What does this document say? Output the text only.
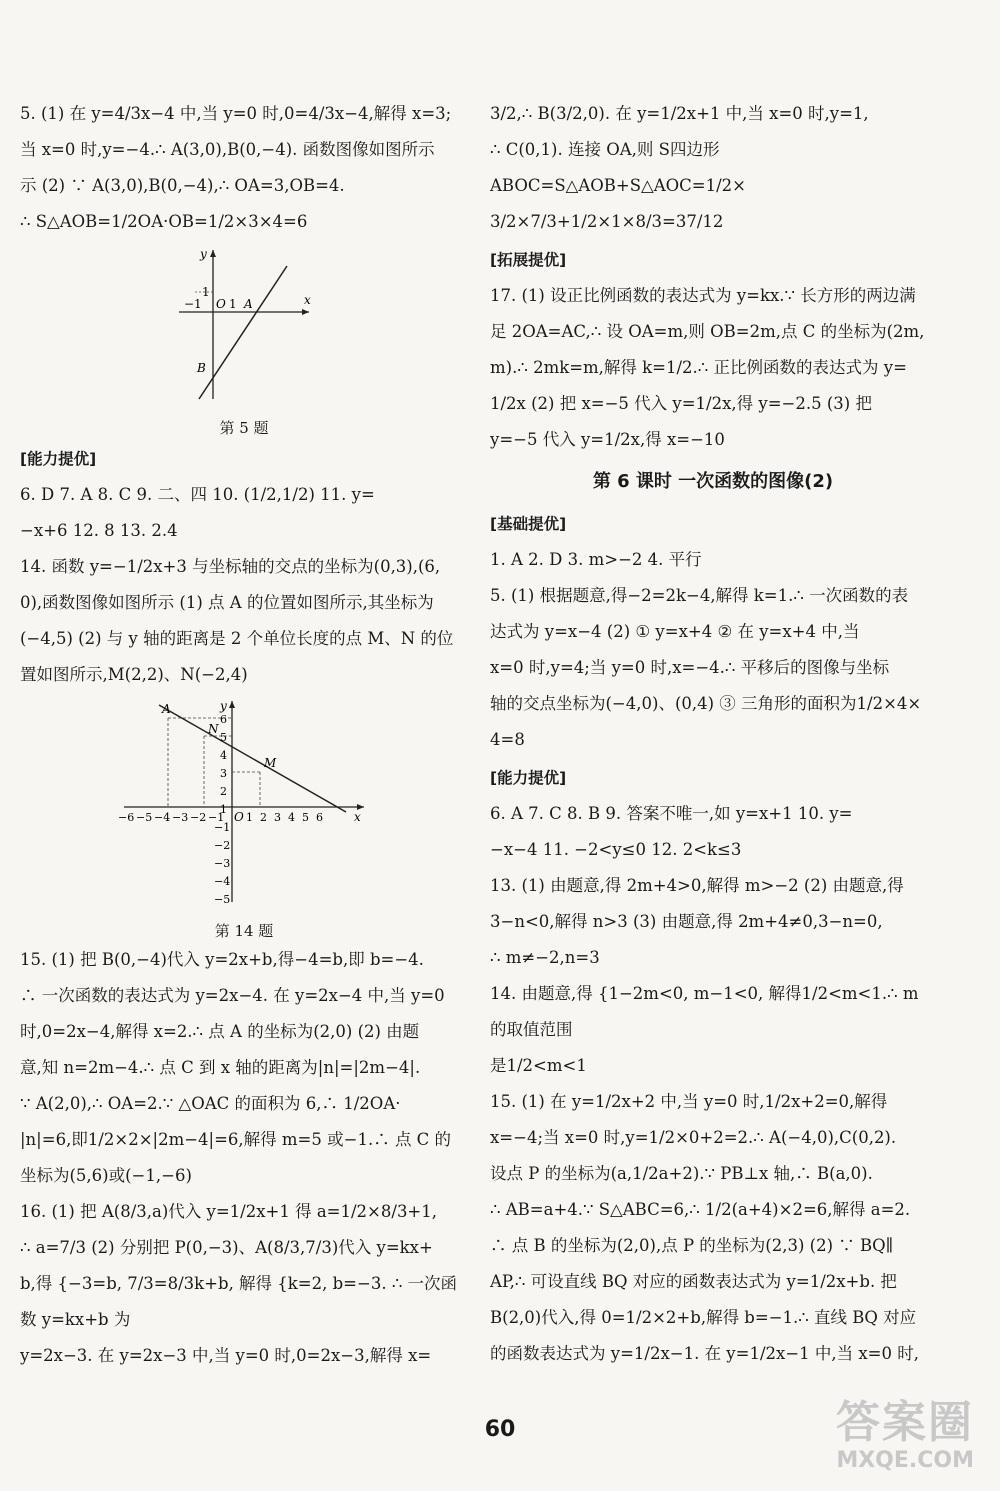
5. (1) 在 y=4/3x−4 中,当 y=0 时,0=4/3x−4,解得 x=3;

当 x=0 时,y=−4.∴ A(3,0),B(0,−4). 函数图像如图所示

示 (2) ∵ A(3,0),B(0,−4),∴ OA=3,OB=4.

∴ S△AOB=1/2OA·OB=1/2×3×4=6

y
x
1
−1 O 1 A
B

第 5 题

[能力提优]

6. D 7. A 8. C 9. 二、四 10. (1/2,1/2) 11. y=

−x+6 12. 8 13. 2.4

14. 函数 y=−1/2x+3 与坐标轴的交点的坐标为(0,3),(6,

0),函数图像如图所示 (1) 点 A 的位置如图所示,其坐标为

(−4,5) (2) 与 y 轴的距离是 2 个单位长度的点 M、N 的位

置如图所示,M(2,2)、N(−2,4)

y
x
A
N
M
O
6
5
4
3
2
1
−1
−2
−3
−4
−5
−6 −5 −4 −3 −2 −1 1 2 3 4 5 6

第 14 题

15. (1) 把 B(0,−4)代入 y=2x+b,得−4=b,即 b=−4.

∴ 一次函数的表达式为 y=2x−4. 在 y=2x−4 中,当 y=0

时,0=2x−4,解得 x=2.∴ 点 A 的坐标为(2,0) (2) 由题

意,知 n=2m−4.∴ 点 C 到 x 轴的距离为|n|=|2m−4|.

∵ A(2,0),∴ OA=2.∵ △OAC 的面积为 6,∴ 1/2OA·

|n|=6,即1/2×2×|2m−4|=6,解得 m=5 或−1.∴ 点 C 的

坐标为(5,6)或(−1,−6)

16. (1) 把 A(8/3,a)代入 y=1/2x+1 得 a=1/2×8/3+1,

∴ a=7/3 (2) 分别把 P(0,−3)、A(8/3,7/3)代入 y=kx+

b,得 {−3=b, 7/3=8/3k+b, 解得 {k=2, b=−3. ∴ 一次函数 y=kx+b 为

y=2x−3. 在 y=2x−3 中,当 y=0 时,0=2x−3,解得 x=

3/2,∴ B(3/2,0). 在 y=1/2x+1 中,当 x=0 时,y=1,

∴ C(0,1). 连接 OA,则 S四边形ABOC=S△AOB+S△AOC=1/2×

3/2×7/3+1/2×1×8/3=37/12

[拓展提优]

17. (1) 设正比例函数的表达式为 y=kx.∵ 长方形的两边满

足 2OA=AC,∴ 设 OA=m,则 OB=2m,点 C 的坐标为(2m,

m).∴ 2mk=m,解得 k=1/2.∴ 正比例函数的表达式为 y=

1/2x (2) 把 x=−5 代入 y=1/2x,得 y=−2.5 (3) 把

y=−5 代入 y=1/2x,得 x=−10

第 6 课时 一次函数的图像(2)

[基础提优]

1. A 2. D 3. m>−2 4. 平行

5. (1) 根据题意,得−2=2k−4,解得 k=1.∴ 一次函数的表

达式为 y=x−4 (2) ① y=x+4 ② 在 y=x+4 中,当

x=0 时,y=4;当 y=0 时,x=−4.∴ 平移后的图像与坐标

轴的交点坐标为(−4,0)、(0,4) ③ 三角形的面积为1/2×4×

4=8

[能力提优]

6. A 7. C 8. B 9. 答案不唯一,如 y=x+1 10. y=

−x−4 11. −2<y≤0 12. 2<k≤3

13. (1) 由题意,得 2m+4>0,解得 m>−2 (2) 由题意,得

3−n<0,解得 n>3 (3) 由题意,得 2m+4≠0,3−n=0,

∴ m≠−2,n=3

14. 由题意,得 {1−2m<0, m−1<0, 解得1/2<m<1.∴ m 的取值范围

是1/2<m<1

15. (1) 在 y=1/2x+2 中,当 y=0 时,1/2x+2=0,解得

x=−4;当 x=0 时,y=1/2×0+2=2.∴ A(−4,0),C(0,2).

设点 P 的坐标为(a,1/2a+2).∵ PB⊥x 轴,∴ B(a,0).

∴ AB=a+4.∵ S△ABC=6,∴ 1/2(a+4)×2=6,解得 a=2.

∴ 点 B 的坐标为(2,0),点 P 的坐标为(2,3) (2) ∵ BQ∥

AP,∴ 可设直线 BQ 对应的函数表达式为 y=1/2x+b. 把

B(2,0)代入,得 0=1/2×2+b,解得 b=−1.∴ 直线 BQ 对应

的函数表达式为 y=1/2x−1. 在 y=1/2x−1 中,当 x=0 时,

60	答案圈
MXQE.COM
